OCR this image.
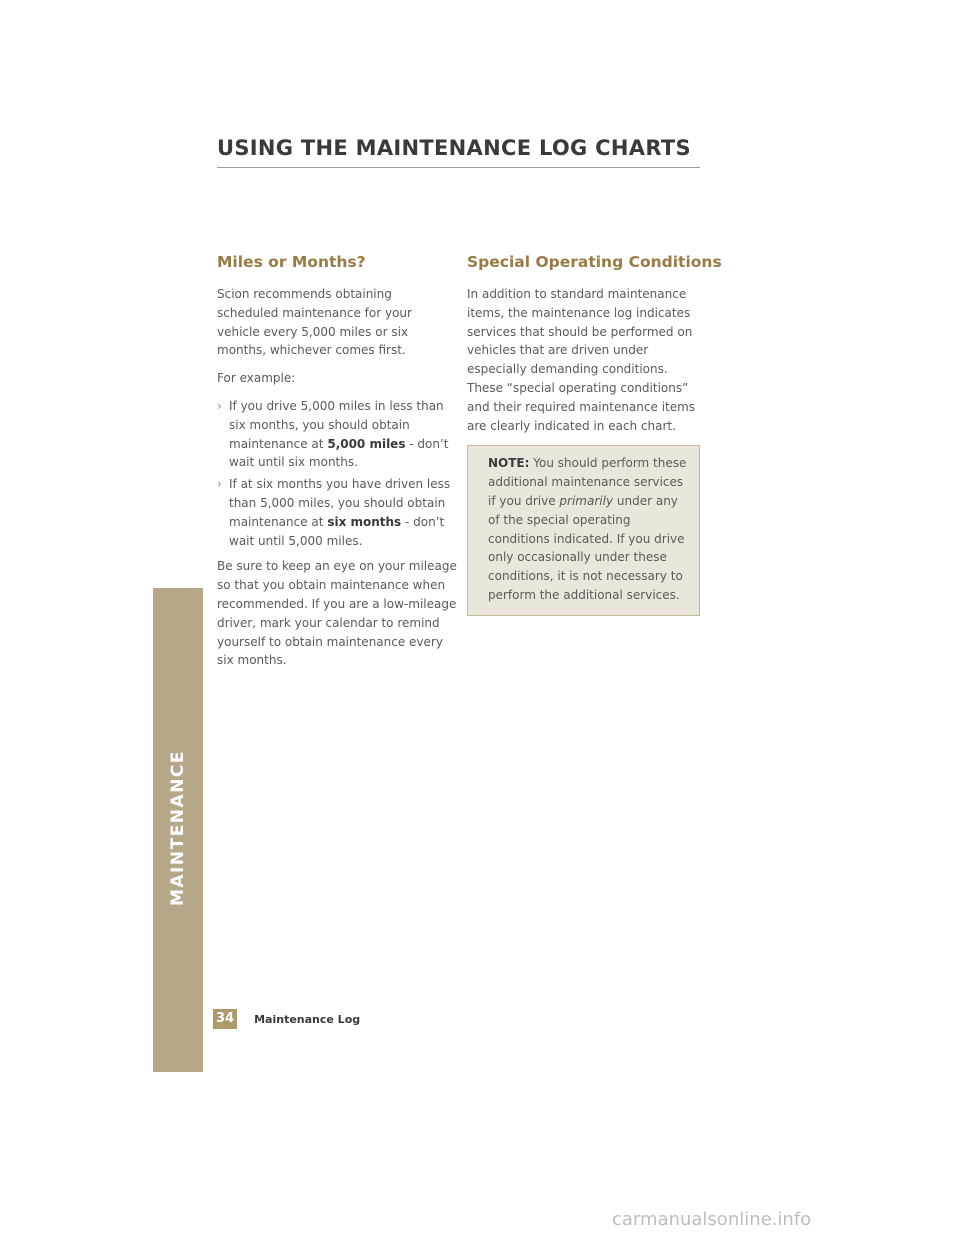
MAINTENANCE
USING THE MAINTENANCE LOG CHARTS
Miles or Months?

Scion recommends obtaining scheduled maintenance for your vehicle every 5,000 miles or six months, whichever comes first.

For example:

› If you drive 5,000 miles in less than six months, you should obtain maintenance at 5,000 miles - don’t wait until six months.
› If at six months you have driven less than 5,000 miles, you should obtain maintenance at six months - don’t wait until 5,000 miles.

Be sure to keep an eye on your mileage so that you obtain maintenance when recommended. If you are a low-mileage driver, mark your calendar to remind yourself to obtain maintenance every six months.

Special Operating Conditions

In addition to standard maintenance items, the maintenance log indicates services that should be performed on vehicles that are driven under especially demanding conditions. These “special operating conditions” and their required maintenance items are clearly indicated in each chart.

NOTE: You should perform these additional maintenance services if you drive primarily under any of the special operating conditions indicated. If you drive only occasionally under these conditions, it is not necessary to perform the additional services.
34 Maintenance Log
carmanualsonline.info
